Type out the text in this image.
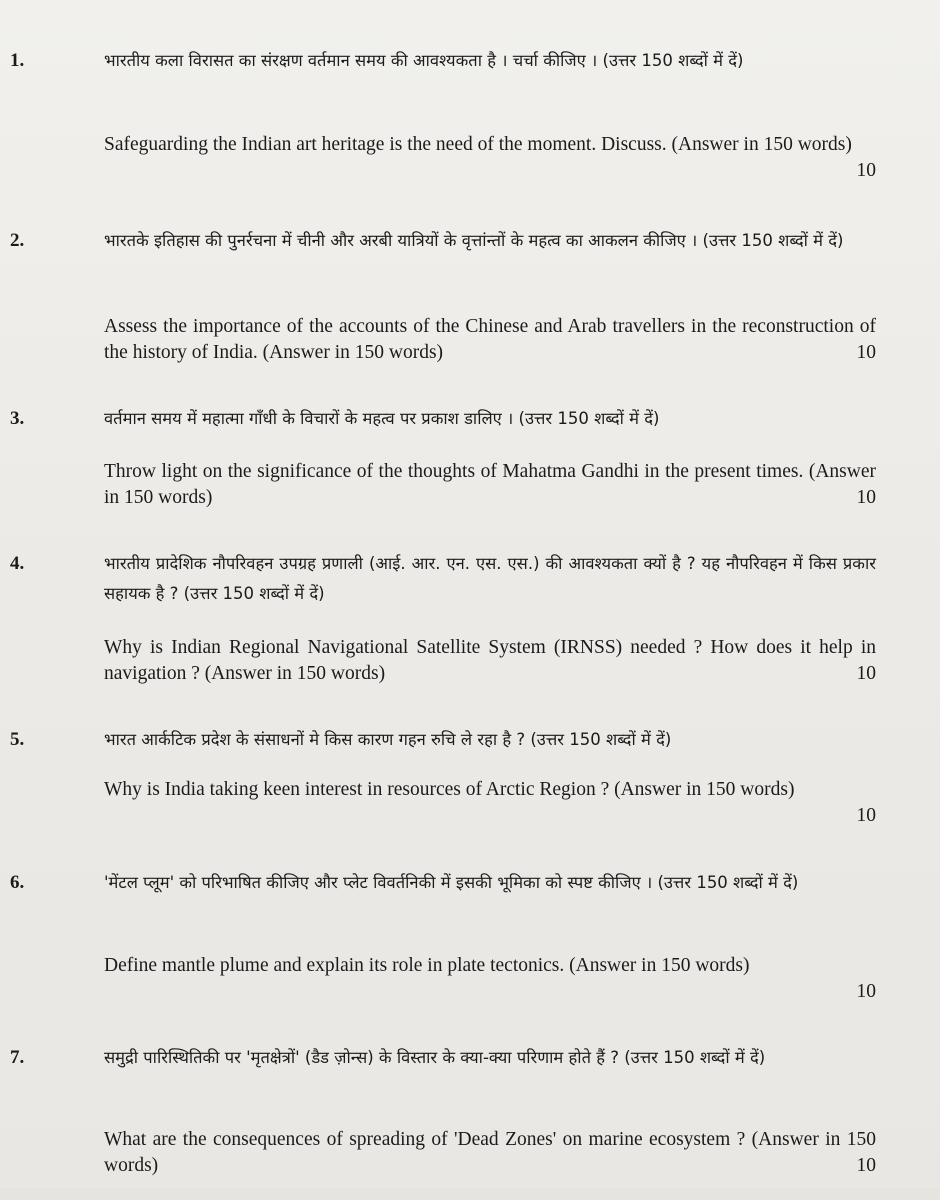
1.	भारतीय कला विरासत का संरक्षण वर्तमान समय की आवश्यकता है । चर्चा कीजिए । (उत्तर 150 शब्दों में दें)
Safeguarding the Indian art heritage is the need of the moment. Discuss. (Answer in 150 words)
10
2.	भारतके इतिहास की पुनर्रचना में चीनी और अरबी यात्रियों के वृत्तांन्तों के महत्व का आकलन कीजिए । (उत्तर 150 शब्दों में दें)
Assess the importance of the accounts of the Chinese and Arab travellers in the reconstruction of the history of India. (Answer in 150 words)	10
3.	वर्तमान समय में महात्मा गाँधी के विचारों के महत्व पर प्रकाश डालिए । (उत्तर 150 शब्दों में दें)
Throw light on the significance of the thoughts of Mahatma Gandhi in the present times. (Answer in 150 words)	10
4.	भारतीय प्रादेशिक नौपरिवहन उपग्रह प्रणाली (आई. आर. एन. एस. एस.) की आवश्यकता क्यों है ? यह नौपरिवहन में किस प्रकार सहायक है ? (उत्तर 150 शब्दों में दें)
Why is Indian Regional Navigational Satellite System (IRNSS) needed ? How does it help in navigation ? (Answer in 150 words)	10
5.	भारत आर्कटिक प्रदेश के संसाधनों मे किस कारण गहन रुचि ले रहा है ? (उत्तर 150 शब्दों में दें)
Why is India taking keen interest in resources of Arctic Region ? (Answer in 150 words)
10
6.	'मेंटल प्लूम' को परिभाषित कीजिए और प्लेट विवर्तनिकी में इसकी भूमिका को स्पष्ट कीजिए । (उत्तर 150 शब्दों में दें)
Define mantle plume and explain its role in plate tectonics. (Answer in 150 words)
10
7.	समुद्री पारिस्थितिकी पर 'मृतक्षेत्रों' (डैड ज़ोन्स) के विस्तार के क्या-क्या परिणाम होते हैं ? (उत्तर 150 शब्दों में दें)
What are the consequences of spreading of 'Dead Zones' on marine ecosystem ? (Answer in 150 words)	10
